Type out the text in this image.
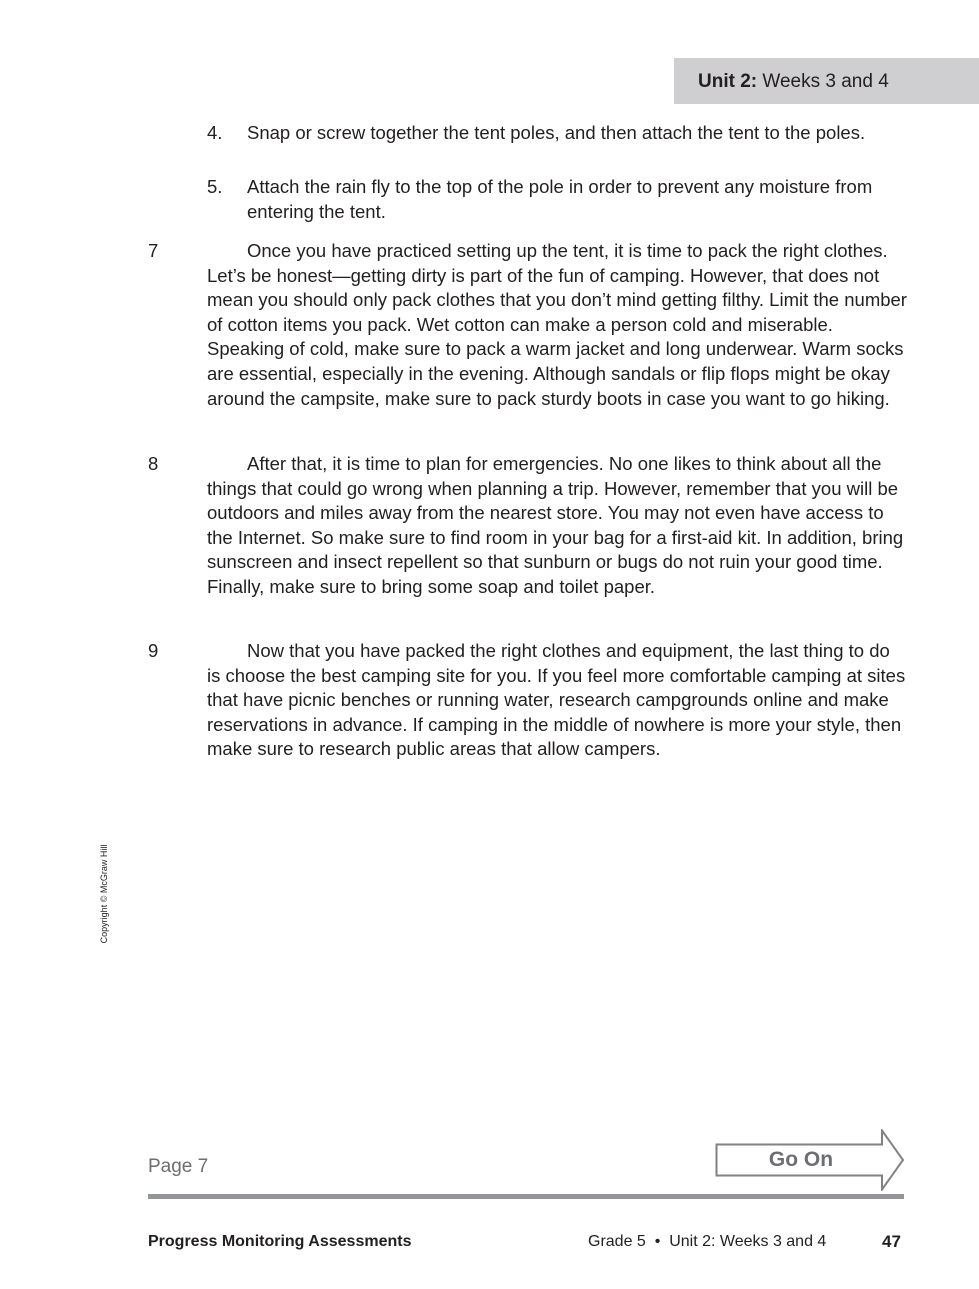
Unit 2: Weeks 3 and 4
4. Snap or screw together the tent poles, and then attach the tent to the poles.
5. Attach the rain fly to the top of the pole in order to prevent any moisture from entering the tent.
7	Once you have practiced setting up the tent, it is time to pack the right clothes. Let’s be honest—getting dirty is part of the fun of camping. However, that does not mean you should only pack clothes that you don’t mind getting filthy. Limit the number of cotton items you pack. Wet cotton can make a person cold and miserable. Speaking of cold, make sure to pack a warm jacket and long underwear. Warm socks are essential, especially in the evening. Although sandals or flip flops might be okay around the campsite, make sure to pack sturdy boots in case you want to go hiking.
8	After that, it is time to plan for emergencies. No one likes to think about all the things that could go wrong when planning a trip. However, remember that you will be outdoors and miles away from the nearest store. You may not even have access to the Internet. So make sure to find room in your bag for a first-aid kit. In addition, bring sunscreen and insect repellent so that sunburn or bugs do not ruin your good time. Finally, make sure to bring some soap and toilet paper.
9	Now that you have packed the right clothes and equipment, the last thing to do is choose the best camping site for you. If you feel more comfortable camping at sites that have picnic benches or running water, research campgrounds online and make reservations in advance. If camping in the middle of nowhere is more your style, then make sure to research public areas that allow campers.
Copyright © McGraw Hill
Page 7	Go On
Progress Monitoring Assessments	Grade 5  •  Unit 2: Weeks 3 and 4	47
